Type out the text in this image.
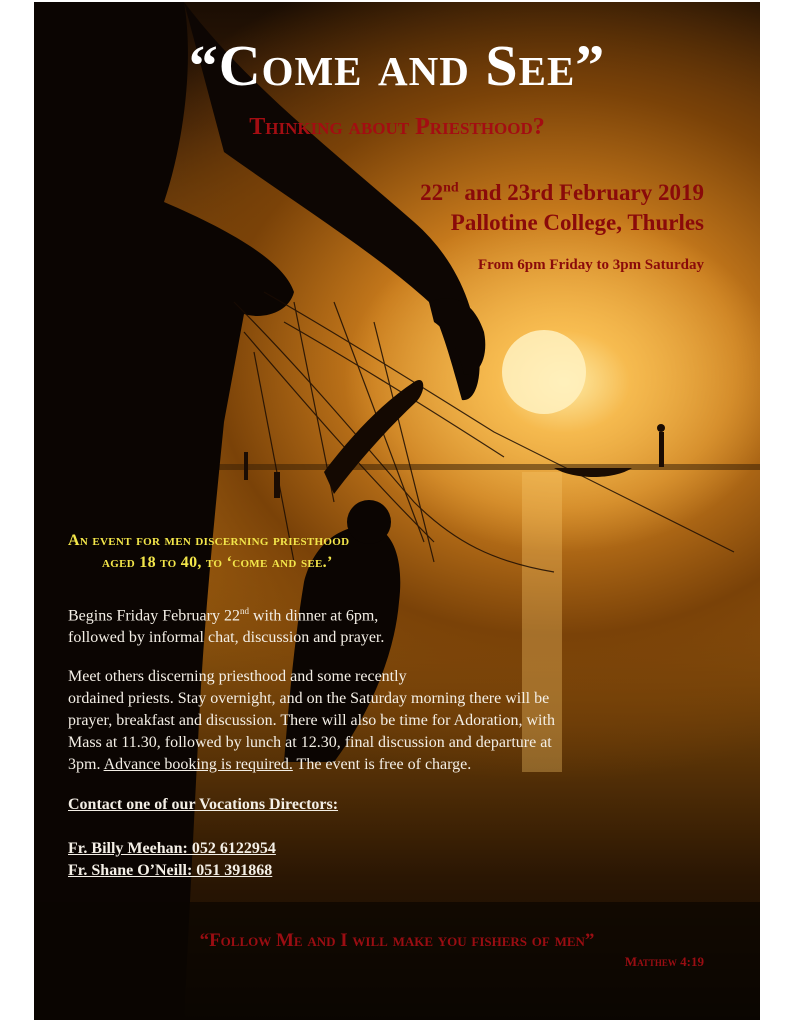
“Come and See”
Thinking about Priesthood?
22nd and 23rd February 2019
Pallotine College, Thurles
From 6pm Friday to 3pm Saturday
An event for men discerning priesthood
aged 18 to 40, to ‘come and see.’

Begins Friday February 22nd with dinner at 6pm,
followed by informal chat, discussion and prayer.

Meet others discerning priesthood and some recently
ordained priests. Stay overnight, and on the Saturday morning there will be
prayer, breakfast and discussion. There will also be time for Adoration, with
Mass at 11.30, followed by lunch at 12.30, final discussion and departure at
3pm. Advance booking is required. The event is free of charge.

Contact one of our Vocations Directors:
Fr. Billy Meehan: 052 6122954
Fr. Shane O’Neill: 051 391868
“Follow Me and I will make you fishers of men”
Matthew 4:19
